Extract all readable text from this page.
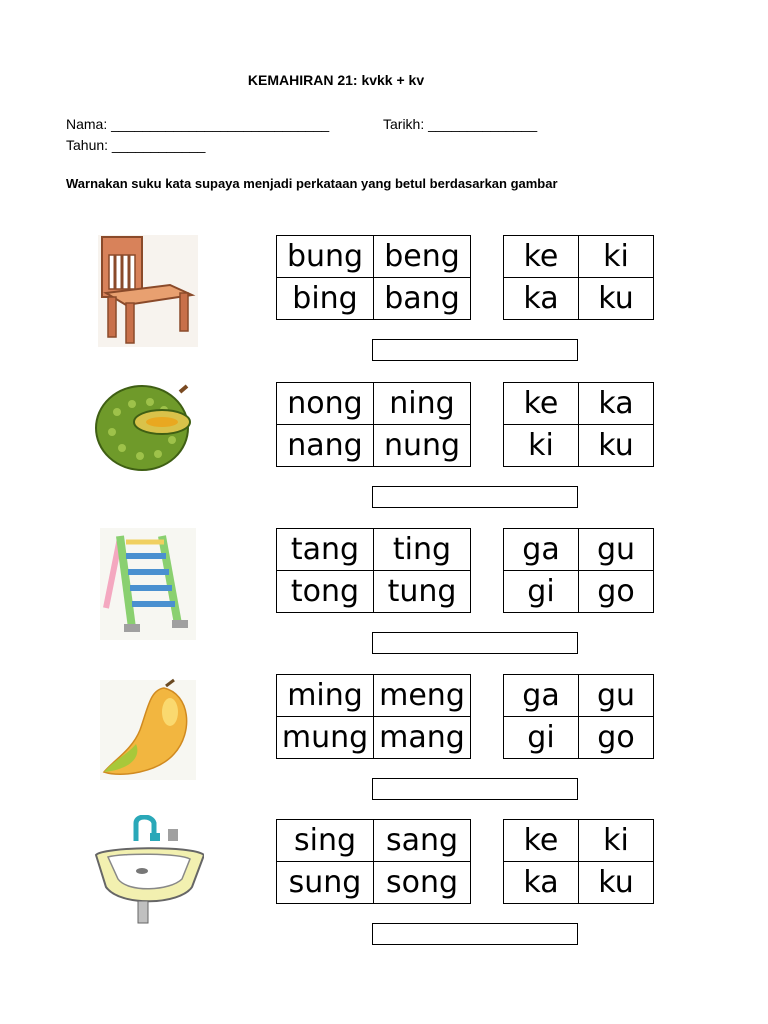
KEMAHIRAN 21: kvkk + kv
Nama: ____________________________	Tarikh: ______________
Tahun: ____________
Warnakan suku kata supaya menjadi perkataan yang betul berdasarkan gambar
bung	beng
bing	bang
ke	ki
ka	ku
nong	ning
nang	nung
ke	ka
ki	ku
tang	ting
tong	tung
ga	gu
gi	go
ming	meng
mung	mang
ga	gu
gi	go
sing	sang
sung	song
ke	ki
ka	ku
